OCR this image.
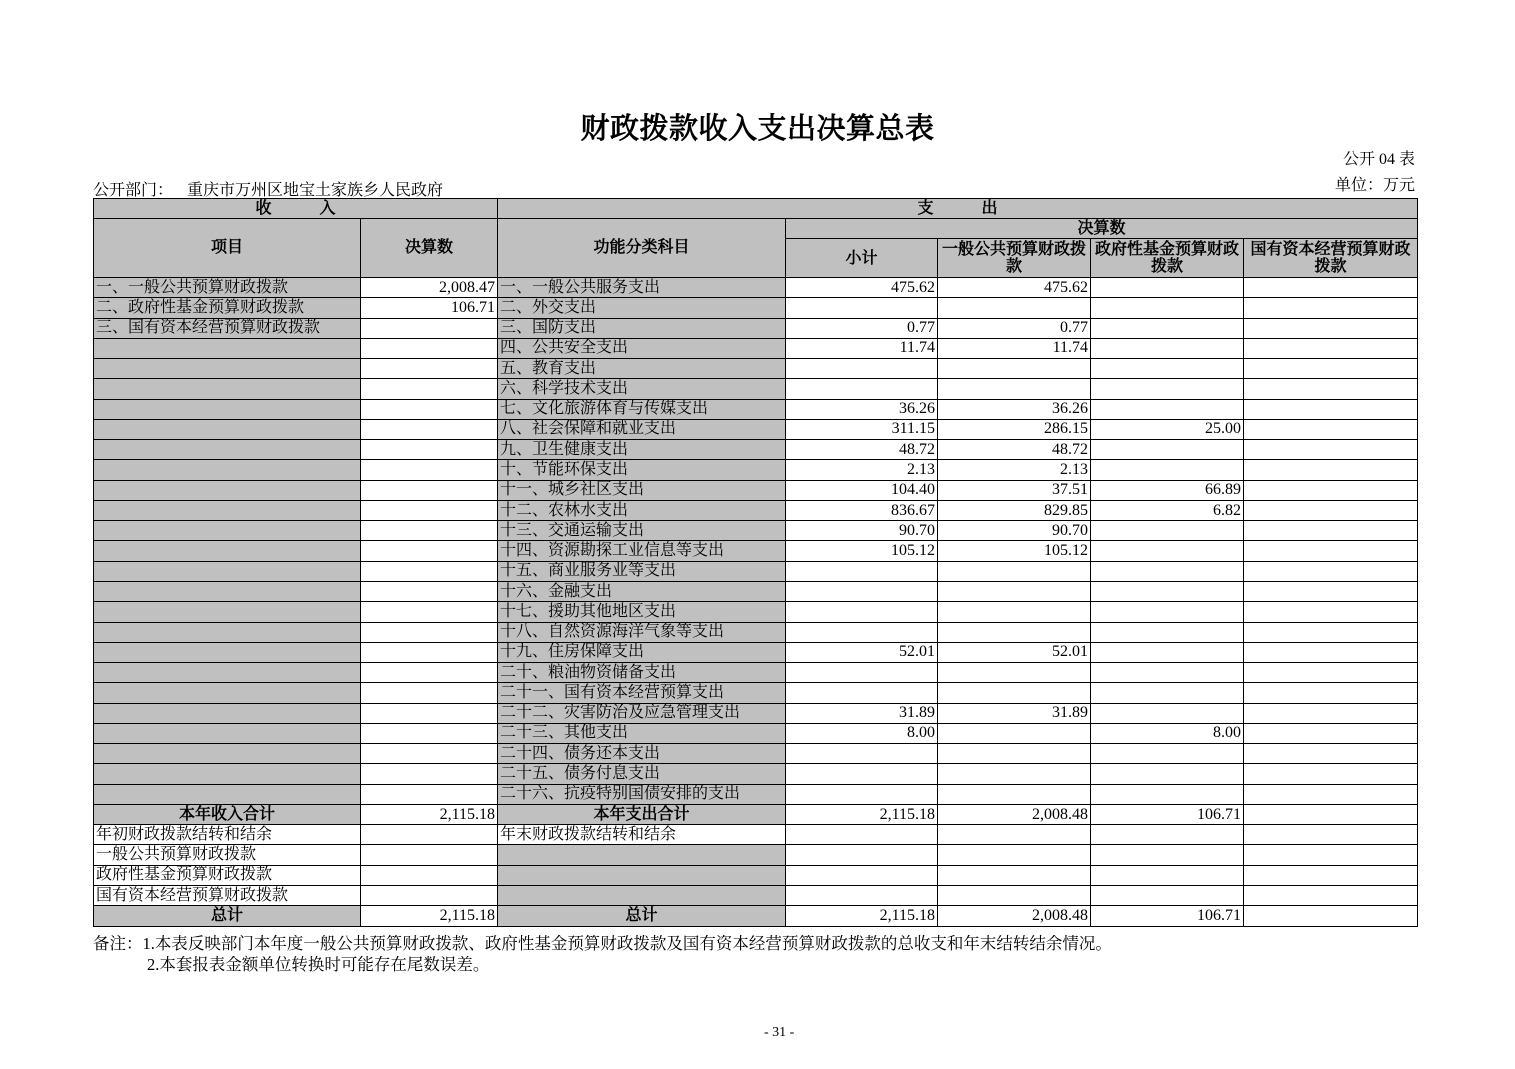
财政拨款收入支出决算总表
公开 04 表
公开部门： 重庆市万州区地宝土家族乡人民政府	单位：万元
收　　　入		支　　　出				
项目	决算数	功能分类科目	决算数			
			小计	一般公共预算财政拨款	政府性基金预算财政拨款	国有资本经营预算财政拨款
一、一般公共预算财政拨款	2,008.47	一、一般公共服务支出	475.62	475.62		
二、政府性基金预算财政拨款	106.71	二、外交支出				
三、国有资本经营预算财政拨款		三、国防支出	0.77	0.77		
		四、公共安全支出	11.74	11.74		
		五、教育支出				
		六、科学技术支出				
		七、文化旅游体育与传媒支出	36.26	36.26		
		八、社会保障和就业支出	311.15	286.15	25.00	
		九、卫生健康支出	48.72	48.72		
		十、节能环保支出	2.13	2.13		
		十一、城乡社区支出	104.40	37.51	66.89	
		十二、农林水支出	836.67	829.85	6.82	
		十三、交通运输支出	90.70	90.70		
		十四、资源勘探工业信息等支出	105.12	105.12		
		十五、商业服务业等支出				
		十六、金融支出				
		十七、援助其他地区支出				
		十八、自然资源海洋气象等支出				
		十九、住房保障支出	52.01	52.01		
		二十、粮油物资储备支出				
		二十一、国有资本经营预算支出				
		二十二、灾害防治及应急管理支出	31.89	31.89		
		二十三、其他支出	8.00		8.00	
		二十四、债务还本支出				
		二十五、债务付息支出				
		二十六、抗疫特别国债安排的支出				
本年收入合计	2,115.18	本年支出合计	2,115.18	2,008.48	106.71	
年初财政拨款结转和结余		年末财政拨款结转和结余				
一般公共预算财政拨款						
政府性基金预算财政拨款						
国有资本经营预算财政拨款						
总计	2,115.18	总计	2,115.18	2,008.48	106.71	
备注：1.本表反映部门本年度一般公共预算财政拨款、政府性基金预算财政拨款及国有资本经营预算财政拨款的总收支和年末结转结余情况。
2.本套报表金额单位转换时可能存在尾数误差。
- 31 -
